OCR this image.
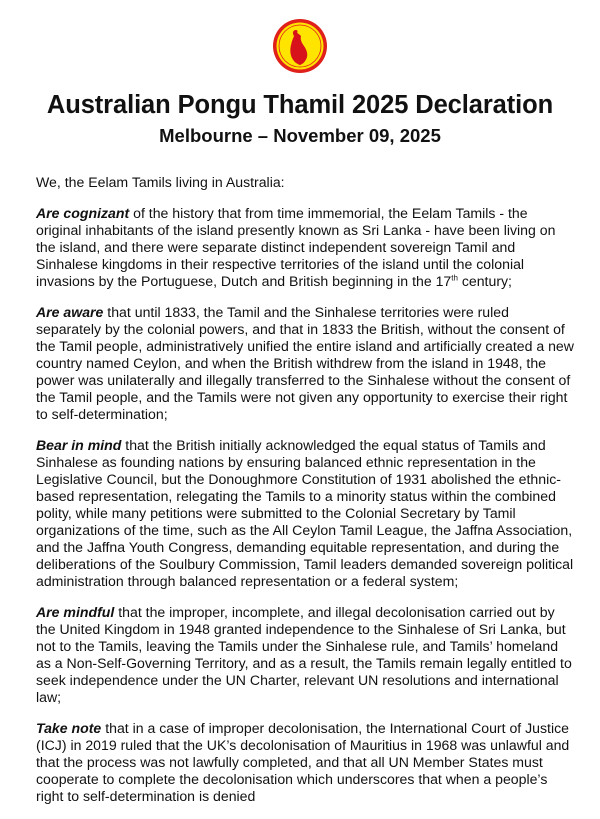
Australian Pongu Thamil 2025 Declaration
Melbourne – November 09, 2025

We, the Eelam Tamils living in Australia:

Are cognizant of the history that from time immemorial, the Eelam Tamils - the original inhabitants of the island presently known as Sri Lanka - have been living on the island, and there were separate distinct independent sovereign Tamil and Sinhalese kingdoms in their respective territories of the island until the colonial invasions by the Portuguese, Dutch and British beginning in the 17th century;

Are aware that until 1833, the Tamil and the Sinhalese territories were ruled separately by the colonial powers, and that in 1833 the British, without the consent of the Tamil people, administratively unified the entire island and artificially created a new country named Ceylon, and when the British withdrew from the island in 1948, the power was unilaterally and illegally transferred to the Sinhalese without the consent of the Tamil people, and the Tamils were not given any opportunity to exercise their right to self-determination;

Bear in mind that the British initially acknowledged the equal status of Tamils and Sinhalese as founding nations by ensuring balanced ethnic representation in the Legislative Council, but the Donoughmore Constitution of 1931 abolished the ethnic-based representation, relegating the Tamils to a minority status within the combined polity, while many petitions were submitted to the Colonial Secretary by Tamil organizations of the time, such as the All Ceylon Tamil League, the Jaffna Association, and the Jaffna Youth Congress, demanding equitable representation, and during the deliberations of the Soulbury Commission, Tamil leaders demanded sovereign political administration through balanced representation or a federal system;

Are mindful that the improper, incomplete, and illegal decolonisation carried out by the United Kingdom in 1948 granted independence to the Sinhalese of Sri Lanka, but not to the Tamils, leaving the Tamils under the Sinhalese rule, and Tamils’ homeland as a Non-Self-Governing Territory, and as a result, the Tamils remain legally entitled to seek independence under the UN Charter, relevant UN resolutions and international law;

Take note that in a case of improper decolonisation, the International Court of Justice (ICJ) in 2019 ruled that the UK’s decolonisation of Mauritius in 1968 was unlawful and that the process was not lawfully completed, and that all UN Member States must cooperate to complete the decolonisation which underscores that when a people’s right to self-determination is denied
